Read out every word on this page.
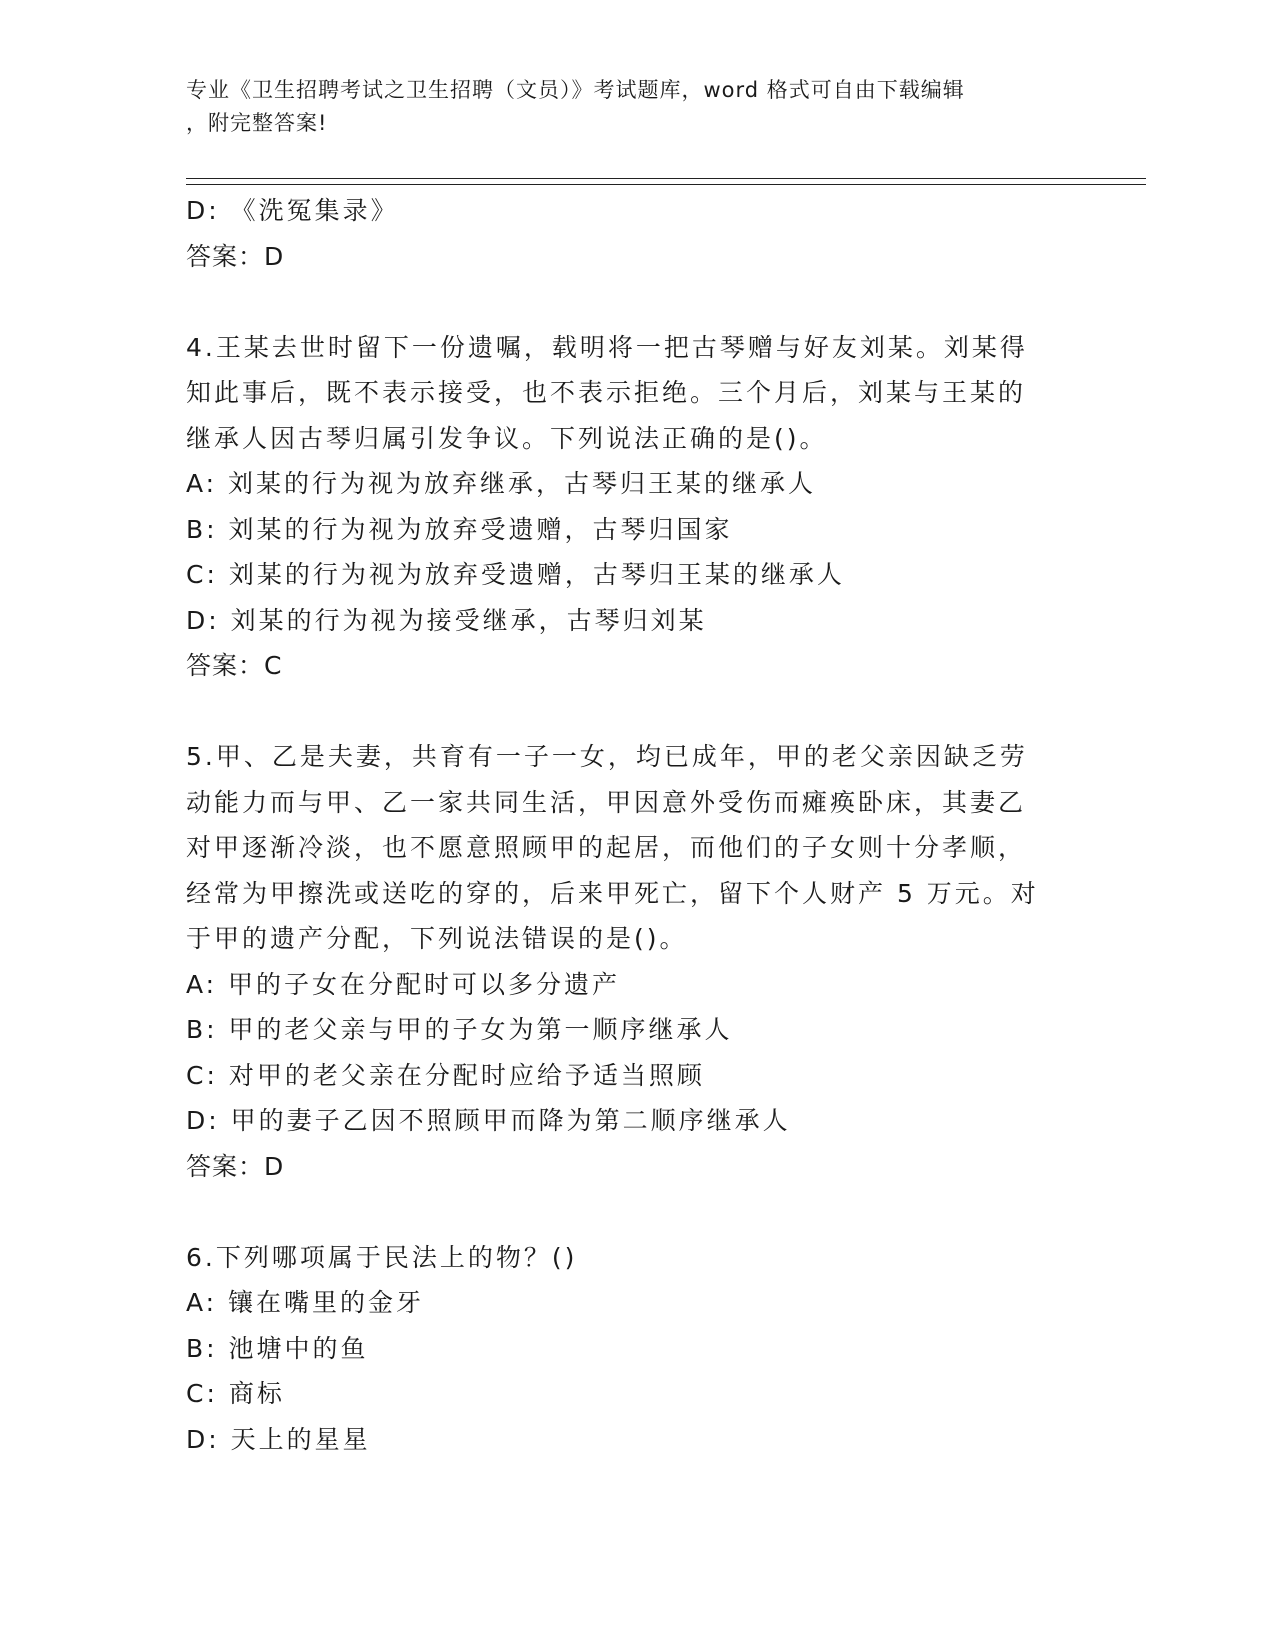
专业《卫生招聘考试之卫生招聘（文员）》考试题库，word 格式可自由下载编辑
，附完整答案!
D: 《洗冤集录》
答案：D
4.王某去世时留下一份遗嘱，载明将一把古琴赠与好友刘某。刘某得
知此事后，既不表示接受，也不表示拒绝。三个月后，刘某与王某的
继承人因古琴归属引发争议。下列说法正确的是()。
A: 刘某的行为视为放弃继承，古琴归王某的继承人
B: 刘某的行为视为放弃受遗赠，古琴归国家
C: 刘某的行为视为放弃受遗赠，古琴归王某的继承人
D: 刘某的行为视为接受继承，古琴归刘某
答案：C
5.甲、乙是夫妻，共育有一子一女，均已成年，甲的老父亲因缺乏劳
动能力而与甲、乙一家共同生活，甲因意外受伤而瘫痪卧床，其妻乙
对甲逐渐冷淡，也不愿意照顾甲的起居，而他们的子女则十分孝顺，
经常为甲擦洗或送吃的穿的，后来甲死亡，留下个人财产 5 万元。对
于甲的遗产分配，下列说法错误的是()。
A: 甲的子女在分配时可以多分遗产
B: 甲的老父亲与甲的子女为第一顺序继承人
C: 对甲的老父亲在分配时应给予适当照顾
D: 甲的妻子乙因不照顾甲而降为第二顺序继承人
答案：D
6.下列哪项属于民法上的物？()
A: 镶在嘴里的金牙
B: 池塘中的鱼
C: 商标
D: 天上的星星
